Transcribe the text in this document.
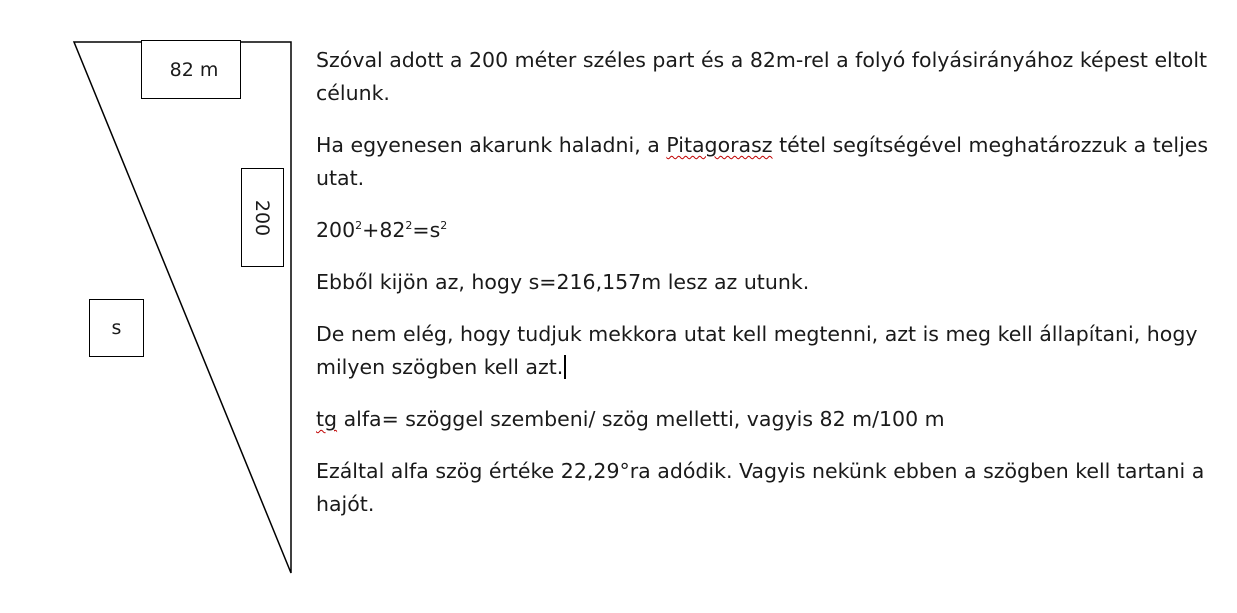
82 m
200
s

Szóval adott a 200 méter széles part és a 82m-rel a folyó folyásirányához képest eltolt célunk.

Ha egyenesen akarunk haladni, a Pitagorasz tétel segítségével meghatározzuk a teljes utat.

$200^2+82^2=s^2$

Ebből kijön az, hogy s=216,157m lesz az utunk.

De nem elég, hogy tudjuk mekkora utat kell megtenni, azt is meg kell állapítani, hogy milyen szögben kell azt.

tg alfa= szöggel szembeni/ szög melletti, vagyis 82 m/100 m

Ezáltal alfa szög értéke 22,29°ra adódik. Vagyis nekünk ebben a szögben kell tartani a hajót.
